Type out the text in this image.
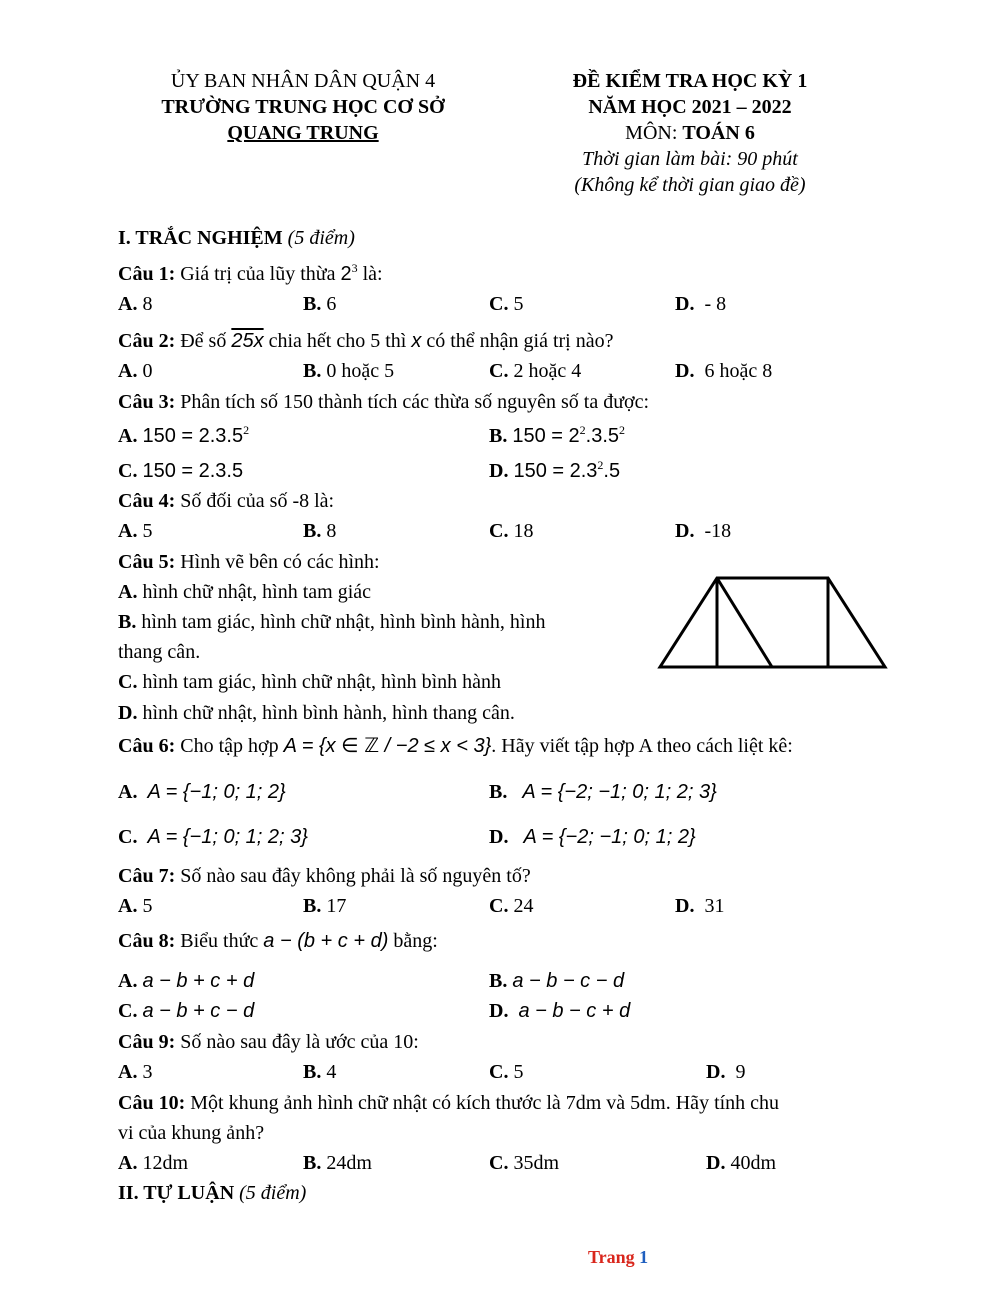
ỦY BAN NHÂN DÂN QUẬN 4
TRƯỜNG TRUNG HỌC CƠ SỞ
QUANG TRUNG
ĐỀ KIỂM TRA HỌC KỲ 1
NĂM HỌC 2021 – 2022
MÔN: TOÁN 6
Thời gian làm bài: 90 phút
(Không kể thời gian giao đề)
I. TRẮC NGHIỆM (5 điểm)
Câu 1: Giá trị của lũy thừa $2^3$ là:
A. 8	B. 6	C. 5	D. - 8
Câu 2: Để số 25x chia hết cho 5 thì x có thể nhận giá trị nào?
A. 0	B. 0 hoặc 5	C. 2 hoặc 4	D. 6 hoặc 8
Câu 3: Phân tích số 150 thành tích các thừa số nguyên số ta được:
A. $150 = 2.3.5^2$	B. $150 = 2^2.3.5^2$
C. 150 = 2.3.5	D. $150 = 2.3^2.5$
Câu 4: Số đối của số -8 là:
A. 5	B. 8	C. 18	D. -18
Câu 5: Hình vẽ bên có các hình:
A. hình chữ nhật, hình tam giác
B. hình tam giác, hình chữ nhật, hình bình hành, hình
thang cân.
C. hình tam giác, hình chữ nhật, hình bình hành
D. hình chữ nhật, hình bình hành, hình thang cân.
Câu 6: Cho tập hợp A = {x ∈ ℤ / −2 ≤ x < 3}. Hãy viết tập hợp A theo cách liệt kê:
A. A = {−1; 0; 1; 2}	B. A = {−2; −1; 0; 1; 2; 3}
C. A = {−1; 0; 1; 2; 3}	D. A = {−2; −1; 0; 1; 2}
Câu 7: Số nào sau đây không phải là số nguyên tố?
A. 5	B. 17	C. 24	D. 31
Câu 8: Biểu thức a − (b + c + d) bằng:
A. a − b + c + d	B. a − b − c − d
C. a − b + c − d	D. a − b − c + d
Câu 9: Số nào sau đây là ước của 10:
A. 3	B. 4	C. 5	D. 9
Câu 10: Một khung ảnh hình chữ nhật có kích thước là 7dm và 5dm. Hãy tính chu
vi của khung ảnh?
A. 12dm	B. 24dm	C. 35dm	D. 40dm
II. TỰ LUẬN (5 điểm)
Trang 1
